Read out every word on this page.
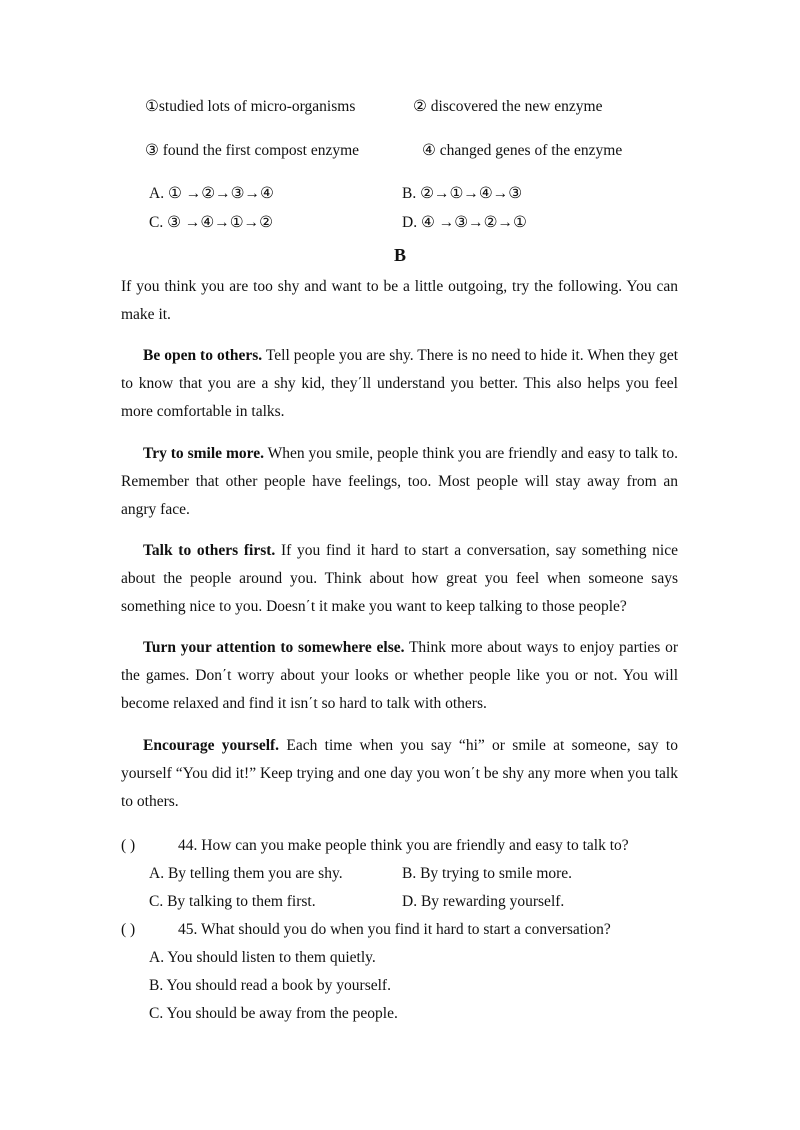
①studied lots of micro-organisms	② discovered the new enzyme
③ found the first compost enzyme	④ changed genes of the enzyme
A. ① →②→③→④	B. ②→①→④→③
C. ③ →④→①→②	D. ④ →③→②→①
B
If you think you are too shy and want to be a little outgoing, try the following. You can make it.
Be open to others. Tell people you are shy. There is no need to hide it. When they get to know that you are a shy kid, they΄ll understand you better. This also helps you feel more comfortable in talks.
Try to smile more. When you smile, people think you are friendly and easy to talk to. Remember that other people have feelings, too. Most people will stay away from an angry face.
Talk to others first. If you find it hard to start a conversation, say something nice about the people around you. Think about how great you feel when someone says something nice to you. Doesn΄t it make you want to keep talking to those people?
Turn your attention to somewhere else. Think more about ways to enjoy parties or the games. Don΄t worry about your looks or whether people like you or not. You will become relaxed and find it isn΄t so hard to talk with others.
Encourage yourself. Each time when you say “hi” or smile at someone, say to yourself “You did it!” Keep trying and one day you won΄t be shy any more when you talk to others.
( )	44. How can you make people think you are friendly and easy to talk to?
A. By telling them you are shy.	B. By trying to smile more.
C. By talking to them first.	D. By rewarding yourself.
( )	45. What should you do when you find it hard to start a conversation?
A. You should listen to them quietly.
B. You should read a book by yourself.
C. You should be away from the people.
